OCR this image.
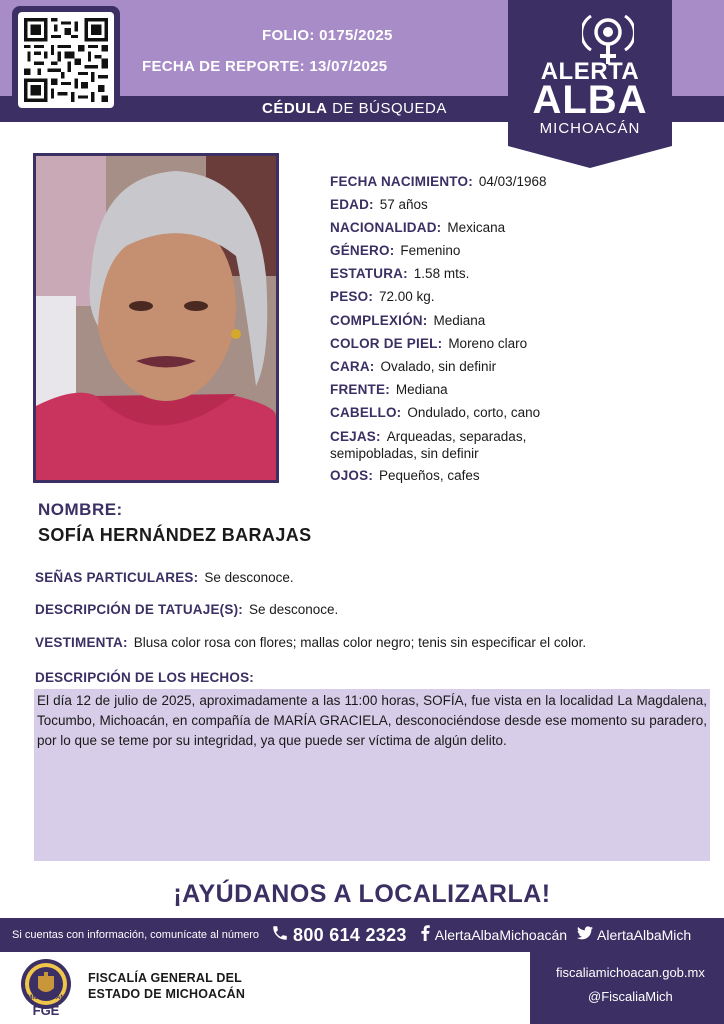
FOLIO: 0175/2025
FECHA DE REPORTE: 13/07/2025
CÉDULA DE BÚSQUEDA
ALERTA
ALBA
MICHOACÁN
FECHA NACIMIENTO: 04/03/1968
EDAD: 57 años
NACIONALIDAD: Mexicana
GÉNERO: Femenino
ESTATURA: 1.58 mts.
PESO: 72.00 kg.
COMPLEXIÓN: Mediana
COLOR DE PIEL: Moreno claro
CARA: Ovalado, sin definir
FRENTE: Mediana
CABELLO: Ondulado, corto, cano
CEJAS: Arqueadas, separadas,
semipobladas, sin definir
OJOS: Pequeños, cafes
NOMBRE:
SOFÍA HERNÁNDEZ BARAJAS
SEÑAS PARTICULARES: Se desconoce.
DESCRIPCIÓN DE TATUAJE(S): Se desconoce.
VESTIMENTA: Blusa color rosa con flores; mallas color negro; tenis sin especificar el color.
DESCRIPCIÓN DE LOS HECHOS:
El día 12 de julio de 2025, aproximadamente a las 11:00 horas, SOFÍA, fue vista en la localidad La Magdalena, Tocumbo, Michoacán, en compañía de MARÍA GRACIELA, desconociéndose desde ese momento su paradero, por lo que se teme por su integridad, ya que puede ser víctima de algún delito.
¡AYÚDANOS A LOCALIZARLA!
Si cuentas con información, comunícate al número 800 614 2323 AlertaAlbaMichoacán AlertaAlbaMich
MICHOACÁN
FGE
FISCALÍA GENERAL DEL
ESTADO DE MICHOACÁN
fiscaliamichoacan.gob.mx
@FiscaliaMich
